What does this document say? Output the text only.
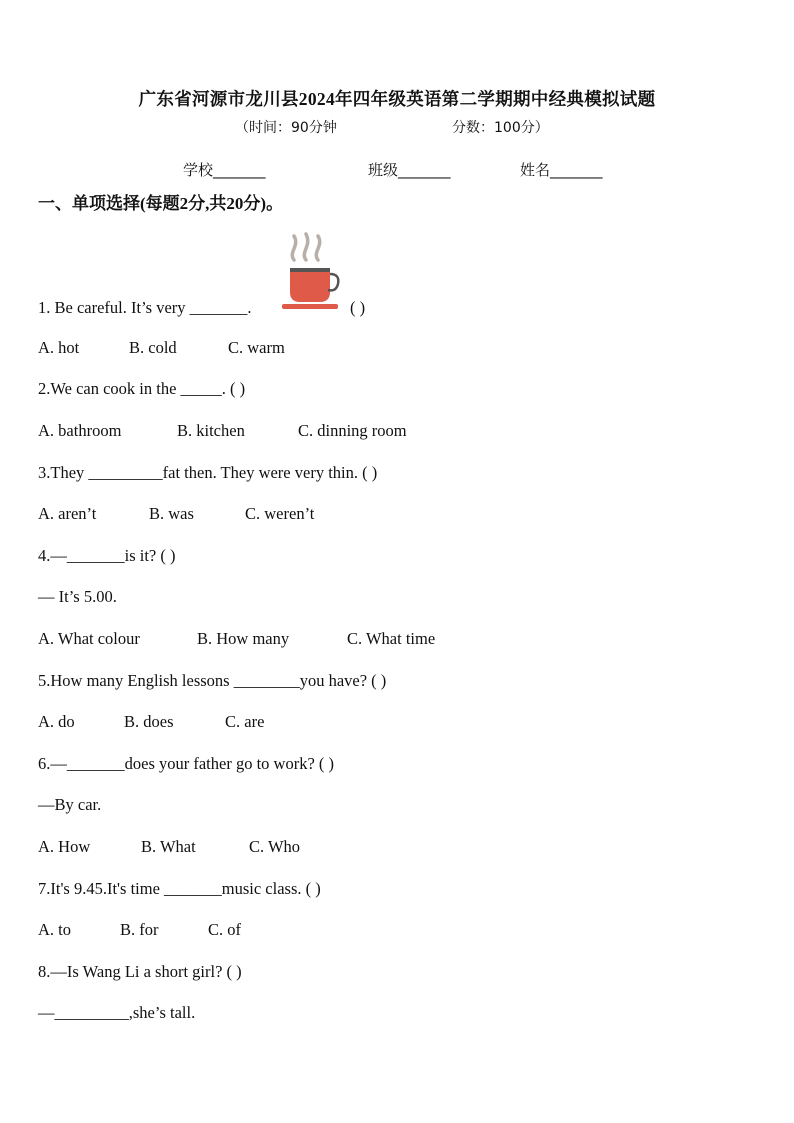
广东省河源市龙川县2024年四年级英语第二学期期中经典模拟试题
（时间：90分钟	分数：100分）
学校_______	班级_______	姓名_______
一、单项选择(每题2分,共20分)。
1. Be careful. It’s very _______.	( )
A. hot	B. cold	C. warm
2.We can cook in the _____. ( )
A. bathroom	B. kitchen	C. dinning room
3.They _________fat then. They were very thin. ( )
A. aren’t	B. was	C. weren’t
4.—_______is it? ( )
— It’s 5.00.
A. What colour	B. How many	C. What time
5.How many English lessons ________you have? ( )
A. do	B. does	C. are
6.—_______does your father go to work? ( )
—By car.
A. How	B. What	C. Who
7.It's 9.45.It's time _______music class. ( )
A. to	B. for	C. of
8.—Is Wang Li a short girl? ( )
—_________,she’s tall.
